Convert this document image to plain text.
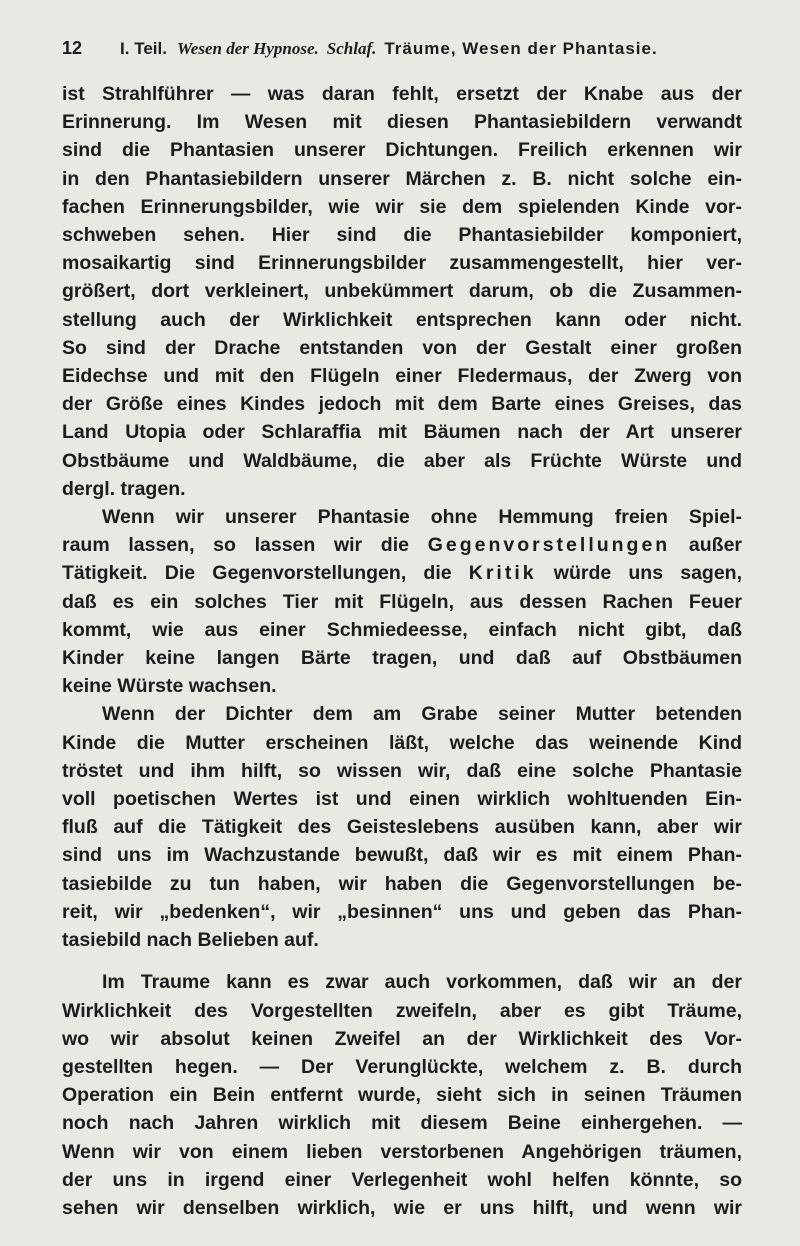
12 I. Teil. Wesen der Hypnose. Schlaf. Träume, Wesen der Phantasie.
ist Strahlführer — was daran fehlt, ersetzt der Knabe aus der
Erinnerung. Im Wesen mit diesen Phantasiebildern verwandt
sind die Phantasien unserer Dichtungen. Freilich erkennen wir
in den Phantasiebildern unserer Märchen z. B. nicht solche ein-
fachen Erinnerungsbilder, wie wir sie dem spielenden Kinde vor-
schweben sehen. Hier sind die Phantasiebilder komponiert,
mosaikartig sind Erinnerungsbilder zusammengestellt, hier ver-
größert, dort verkleinert, unbekümmert darum, ob die Zusammen-
stellung auch der Wirklichkeit entsprechen kann oder nicht.
So sind der Drache entstanden von der Gestalt einer großen
Eidechse und mit den Flügeln einer Fledermaus, der Zwerg von
der Größe eines Kindes jedoch mit dem Barte eines Greises, das
Land Utopia oder Schlaraffia mit Bäumen nach der Art unserer
Obstbäume und Waldbäume, die aber als Früchte Würste und
dergl. tragen.
Wenn wir unserer Phantasie ohne Hemmung freien Spiel-
raum lassen, so lassen wir die Gegenvorstellungen außer
Tätigkeit. Die Gegenvorstellungen, die Kritik würde uns sagen,
daß es ein solches Tier mit Flügeln, aus dessen Rachen Feuer
kommt, wie aus einer Schmiedeesse, einfach nicht gibt, daß
Kinder keine langen Bärte tragen, und daß auf Obstbäumen
keine Würste wachsen.
Wenn der Dichter dem am Grabe seiner Mutter betenden
Kinde die Mutter erscheinen läßt, welche das weinende Kind
tröstet und ihm hilft, so wissen wir, daß eine solche Phantasie
voll poetischen Wertes ist und einen wirklich wohltuenden Ein-
fluß auf die Tätigkeit des Geisteslebens ausüben kann, aber wir
sind uns im Wachzustande bewußt, daß wir es mit einem Phan-
tasiebilde zu tun haben, wir haben die Gegenvorstellungen be-
reit, wir „bedenken“, wir „besinnen“ uns und geben das Phan-
tasiebild nach Belieben auf.
Im Traume kann es zwar auch vorkommen, daß wir an der
Wirklichkeit des Vorgestellten zweifeln, aber es gibt Träume,
wo wir absolut keinen Zweifel an der Wirklichkeit des Vor-
gestellten hegen. — Der Verunglückte, welchem z. B. durch
Operation ein Bein entfernt wurde, sieht sich in seinen Träumen
noch nach Jahren wirklich mit diesem Beine einhergehen. —
Wenn wir von einem lieben verstorbenen Angehörigen träumen,
der uns in irgend einer Verlegenheit wohl helfen könnte, so
sehen wir denselben wirklich, wie er uns hilft, und wenn wir
